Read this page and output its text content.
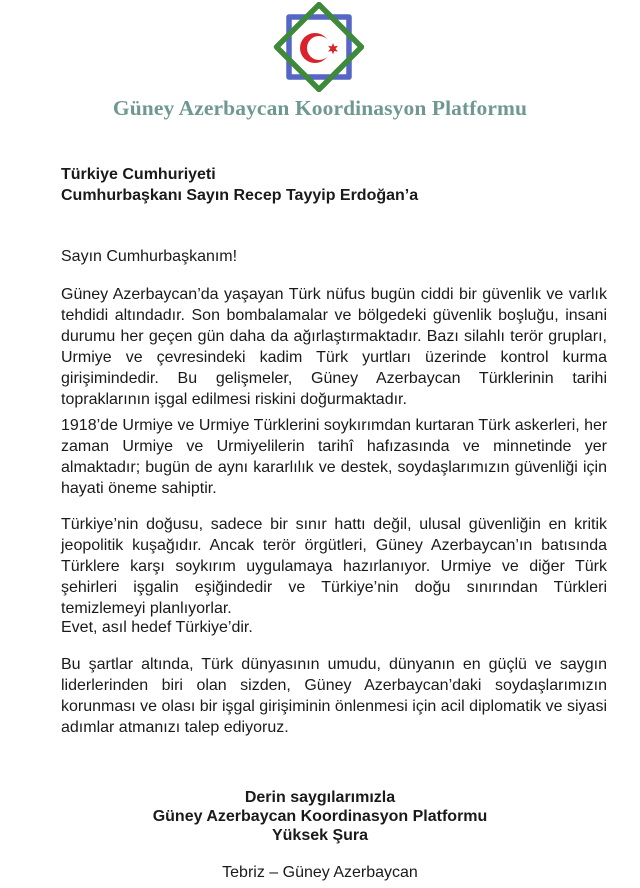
Güney Azerbaycan Koordinasyon Platformu
Türkiye Cumhuriyeti
Cumhurbaşkanı Sayın Recep Tayyip Erdoğan’a
Sayın Cumhurbaşkanım!
Güney Azerbaycan’da yaşayan Türk nüfus bugün ciddi bir güvenlik ve varlık
tehdidi altındadır. Son bombalamalar ve bölgedeki güvenlik boşluğu, insani
durumu her geçen gün daha da ağırlaştırmaktadır. Bazı silahlı terör grupları,
Urmiye ve çevresindeki kadim Türk yurtları üzerinde kontrol kurma
girişimindedir. Bu gelişmeler, Güney Azerbaycan Türklerinin tarihi
topraklarının işgal edilmesi riskini doğurmaktadır.
1918’de Urmiye ve Urmiye Türklerini soykırımdan kurtaran Türk askerleri, her
zaman Urmiye ve Urmiyelilerin tarihî hafızasında ve minnetinde yer
almaktadır; bugün de aynı kararlılık ve destek, soydaşlarımızın güvenliği için
hayati öneme sahiptir.
Türkiye’nin doğusu, sadece bir sınır hattı değil, ulusal güvenliğin en kritik
jeopolitik kuşağıdır. Ancak terör örgütleri, Güney Azerbaycan’ın batısında
Türklere karşı soykırım uygulamaya hazırlanıyor. Urmiye ve diğer Türk
şehirleri işgalin eşiğindedir ve Türkiye’nin doğu sınırından Türkleri
temizlemeyi planlıyorlar.
Evet, asıl hedef Türkiye’dir.
Bu şartlar altında, Türk dünyasının umudu, dünyanın en güçlü ve saygın
liderlerinden biri olan sizden, Güney Azerbaycan’daki soydaşlarımızın
korunması ve olası bir işgal girişiminin önlenmesi için acil diplomatik ve siyasi
adımlar atmanızı talep ediyoruz.
Derin saygılarımızla
Güney Azerbaycan Koordinasyon Platformu
Yüksek Şura
Tebriz – Güney Azerbaycan
